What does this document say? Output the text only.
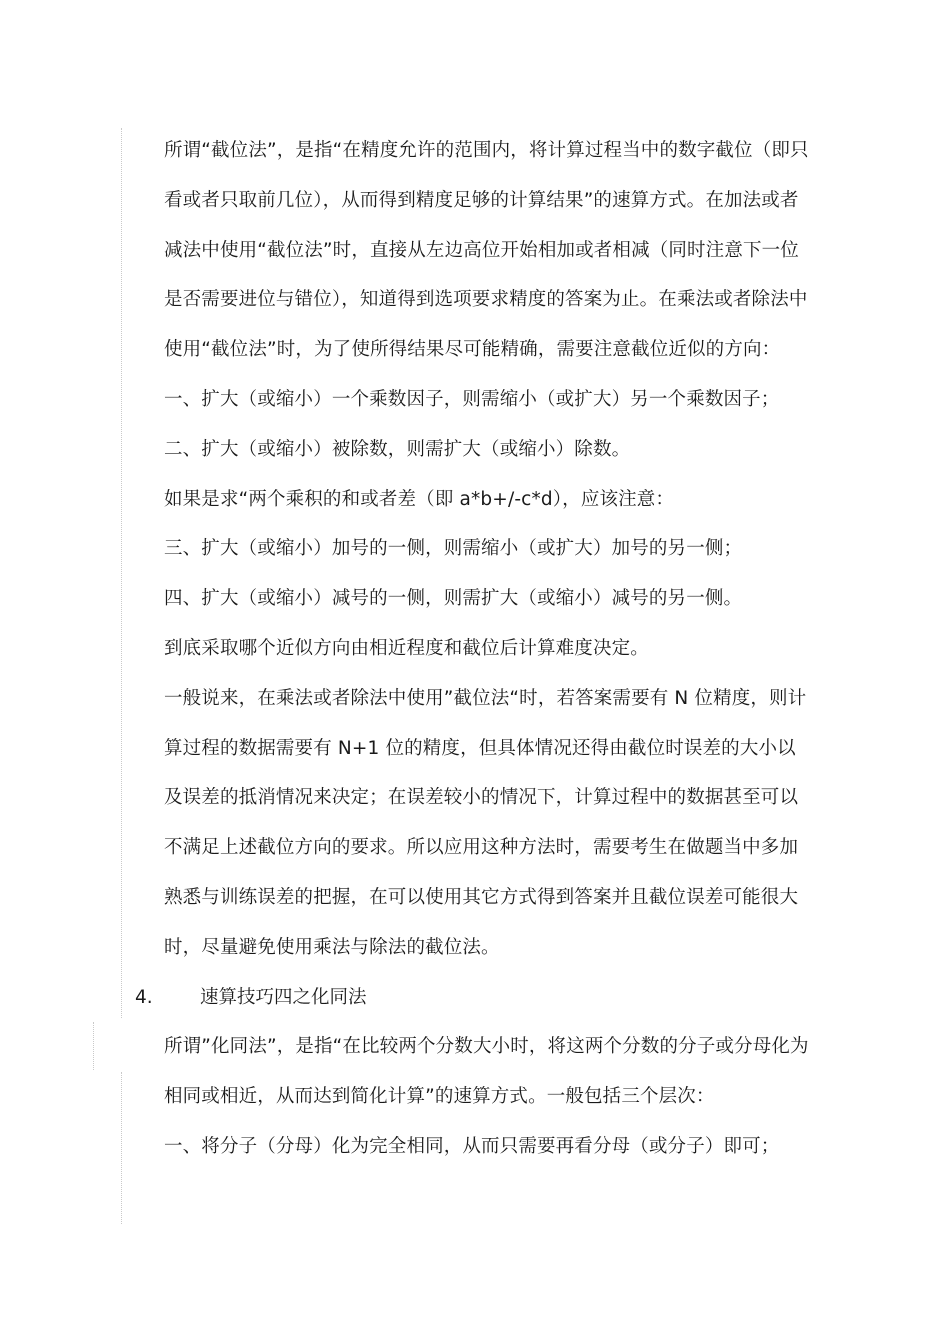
所谓“截位法”，是指“在精度允许的范围内，将计算过程当中的数字截位（即只看或者只取前几位），从而得到精度足够的计算结果”的速算方式。在加法或者减法中使用“截位法”时，直接从左边高位开始相加或者相减（同时注意下一位是否需要进位与错位），知道得到选项要求精度的答案为止。在乘法或者除法中使用“截位法”时，为了使所得结果尽可能精确，需要注意截位近似的方向：

一、扩大（或缩小）一个乘数因子，则需缩小（或扩大）另一个乘数因子；

二、扩大（或缩小）被除数，则需扩大（或缩小）除数。

如果是求“两个乘积的和或者差（即 a*b+/-c*d），应该注意：

三、扩大（或缩小）加号的一侧，则需缩小（或扩大）加号的另一侧；

四、扩大（或缩小）减号的一侧，则需扩大（或缩小）减号的另一侧。

到底采取哪个近似方向由相近程度和截位后计算难度决定。

一般说来，在乘法或者除法中使用”截位法“时，若答案需要有 N 位精度，则计算过程的数据需要有 N+1 位的精度，但具体情况还得由截位时误差的大小以及误差的抵消情况来决定；在误差较小的情况下，计算过程中的数据甚至可以不满足上述截位方向的要求。所以应用这种方法时，需要考生在做题当中多加熟悉与训练误差的把握，在可以使用其它方式得到答案并且截位误差可能很大时，尽量避免使用乘法与除法的截位法。

4.	速算技巧四之化同法

所谓”化同法”，是指“在比较两个分数大小时，将这两个分数的分子或分母化为相同或相近，从而达到简化计算”的速算方式。一般包括三个层次：

一、将分子（分母）化为完全相同，从而只需要再看分母（或分子）即可；
